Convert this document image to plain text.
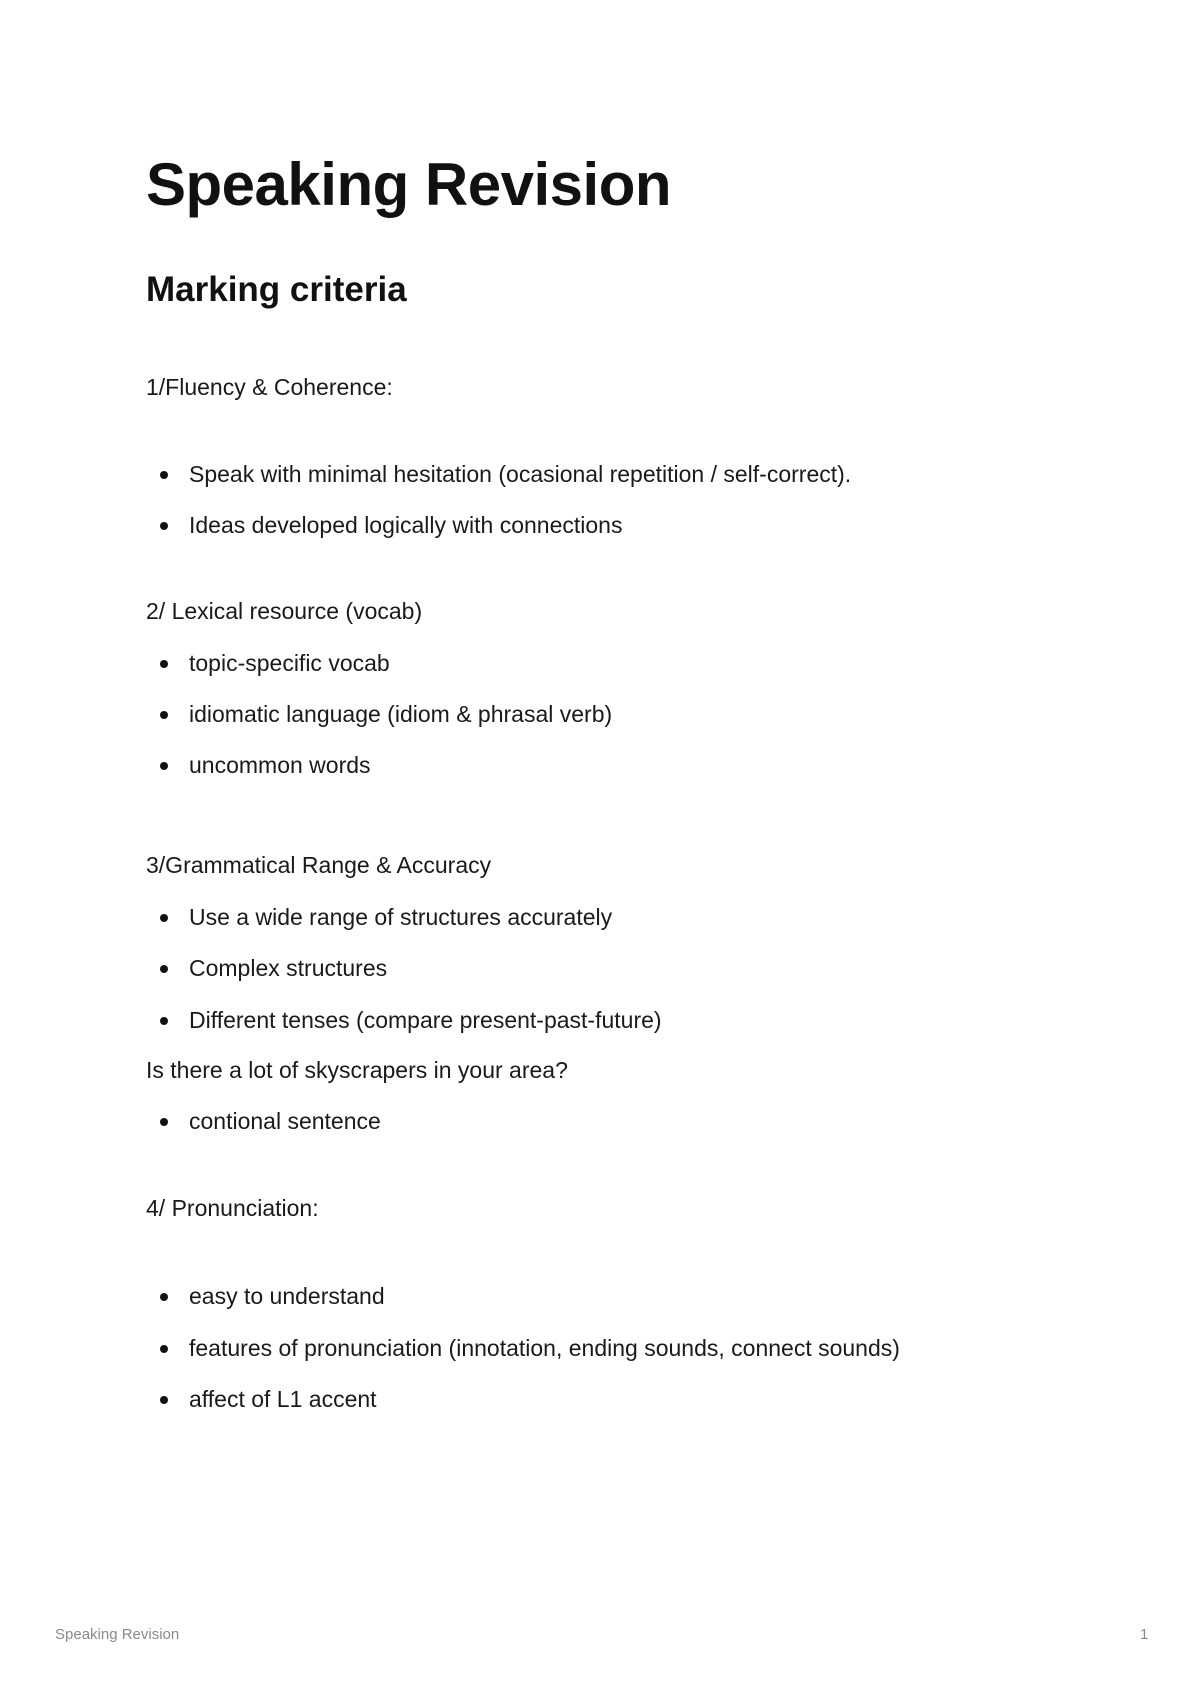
Speaking Revision
Marking criteria
1/Fluency & Coherence:
Speak with minimal hesitation (ocasional repetition / self-correct).
Ideas developed logically with connections
2/ Lexical resource (vocab)
topic-specific vocab
idiomatic language (idiom & phrasal verb)
uncommon words
3/Grammatical Range & Accuracy
Use a wide range of structures accurately
Complex structures
Different tenses (compare present-past-future)
Is there a lot of skyscrapers in your area?
contional sentence
4/ Pronunciation:
easy to understand
features of pronunciation (innotation, ending sounds, connect sounds)
affect of L1 accent
Speaking Revision	1
